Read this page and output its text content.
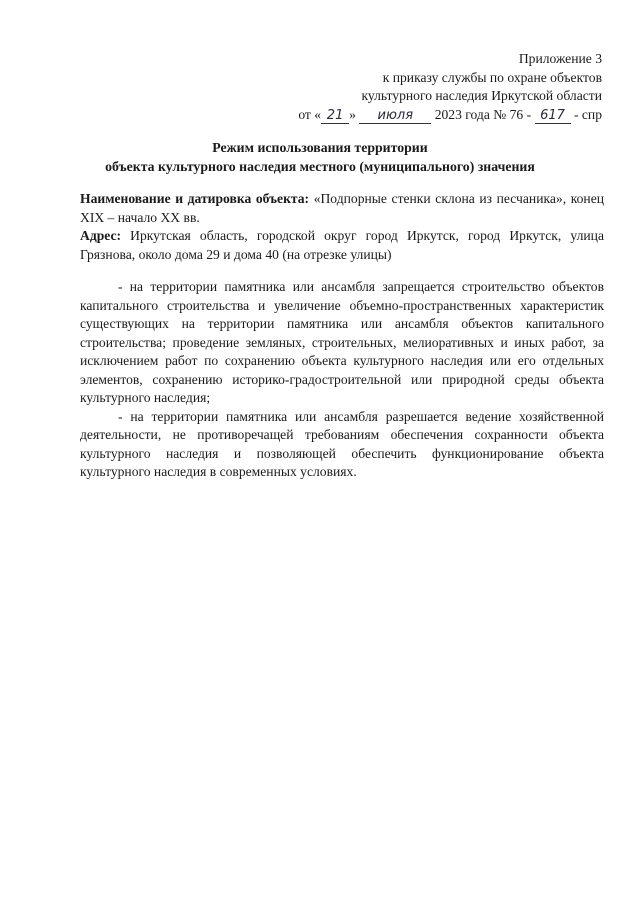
Приложение 3
к приказу службы по охране объектов
культурного наследия Иркутской области
от « 21 » июля 2023 года № 76 - 617 - спр
Режим использования территории
объекта культурного наследия местного (муниципального) значения

Наименование и датировка объекта: «Подпорные стенки склона из песчаника», конец XIX – начало XX вв.

Адрес: Иркутская область, городской округ город Иркутск, город Иркутск, улица Грязнова, около дома 29 и дома 40 (на отрезке улицы)

- на территории памятника или ансамбля запрещается строительство объектов капитального строительства и увеличение объемно-пространственных характеристик существующих на территории памятника или ансамбля объектов капитального строительства; проведение земляных, строительных, мелиоративных и иных работ, за исключением работ по сохранению объекта культурного наследия или его отдельных элементов, сохранению историко-градостроительной или природной среды объекта культурного наследия;

- на территории памятника или ансамбля разрешается ведение хозяйственной деятельности, не противоречащей требованиям обеспечения сохранности объекта культурного наследия и позволяющей обеспечить функционирование объекта культурного наследия в современных условиях.
